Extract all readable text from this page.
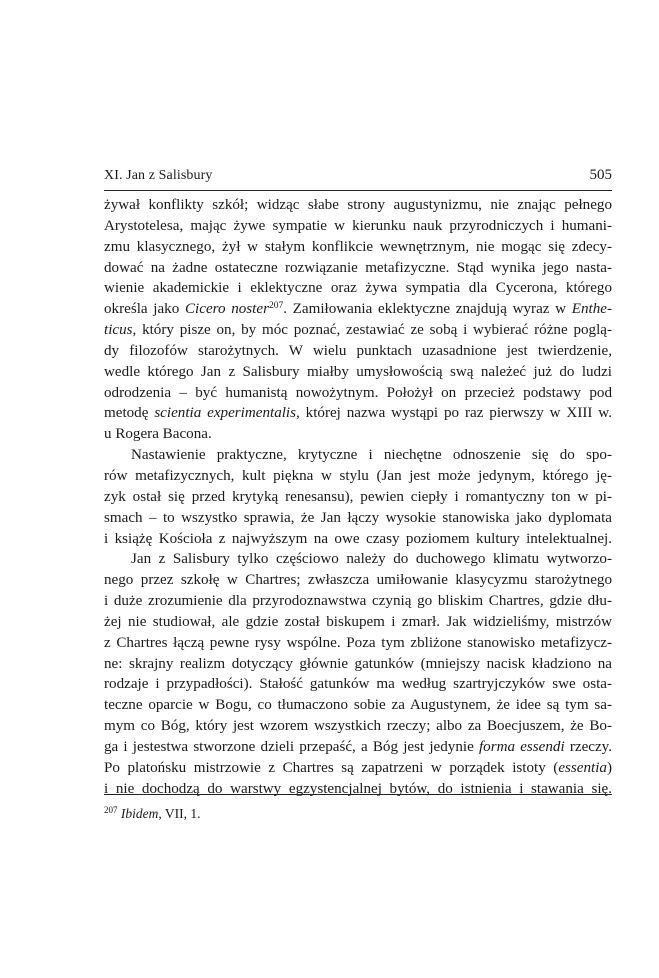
XI. Jan z Salisbury	505

żywał konflikty szkół; widząc słabe strony augustynizmu, nie znając pełnego
Arystotelesa, mając żywe sympatie w kierunku nauk przyrodniczych i humani-
zmu klasycznego, żył w stałym konflikcie wewnętrznym, nie mogąc się zdecy-
dować na żadne ostateczne rozwiązanie metafizyczne. Stąd wynika jego nasta-
wienie akademickie i eklektyczne oraz żywa sympatia dla Cycerona, którego
określa jako Cicero noster$^{207}$. Zamiłowania eklektyczne znajdują wyraz w Enthe-
ticus, który pisze on, by móc poznać, zestawiać ze sobą i wybierać różne poglą-
dy filozofów starożytnych. W wielu punktach uzasadnione jest twierdzenie,
wedle którego Jan z Salisbury miałby umysłowością swą należeć już do ludzi
odrodzenia – być humanistą nowożytnym. Położył on przecież podstawy pod
metodę scientia experimentalis, której nazwa wystąpi po raz pierwszy w XIII w.
u Rogera Bacona.

Nastawienie praktyczne, krytyczne i niechętne odnoszenie się do spo-
rów metafizycznych, kult piękna w stylu (Jan jest może jedynym, którego ję-
zyk ostał się przed krytyką renesansu), pewien ciepły i romantyczny ton w pi-
smach – to wszystko sprawia, że Jan łączy wysokie stanowiska jako dyplomata
i książę Kościoła z najwyższym na owe czasy poziomem kultury intelektualnej.

Jan z Salisbury tylko częściowo należy do duchowego klimatu wytworzo-
nego przez szkołę w Chartres; zwłaszcza umiłowanie klasycyzmu starożytnego
i duże zrozumienie dla przyrodoznawstwa czynią go bliskim Chartres, gdzie dłu-
żej nie studiował, ale gdzie został biskupem i zmarł. Jak widzieliśmy, mistrzów
z Chartres łączą pewne rysy wspólne. Poza tym zbliżone stanowisko metafizycz-
ne: skrajny realizm dotyczący głównie gatunków (mniejszy nacisk kładziono na
rodzaje i przypadłości). Stałość gatunków ma według szartryjczyków swe osta-
teczne oparcie w Bogu, co tłumaczono sobie za Augustynem, że idee są tym sa-
mym co Bóg, który jest wzorem wszystkich rzeczy; albo za Boecjuszem, że Bo-
ga i jestestwa stworzone dzieli przepaść, a Bóg jest jedynie forma essendi rzeczy.
Po platońsku mistrzowie z Chartres są zapatrzeni w porządek istoty (essentia)
i nie dochodzą do warstwy egzystencjalnej bytów, do istnienia i stawania się.

$^{207}$ Ibidem, VII, 1.
